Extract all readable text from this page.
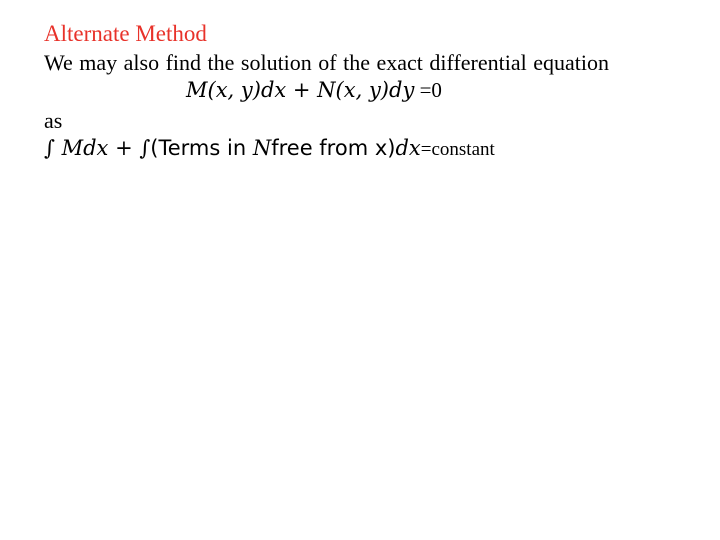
Alternate Method
We may also find the solution of the exact differential equation
M(x, y)dx + N(x, y)dy =0
as
∫ Mdx + ∫(Terms in Nfree from x)dx=constant
